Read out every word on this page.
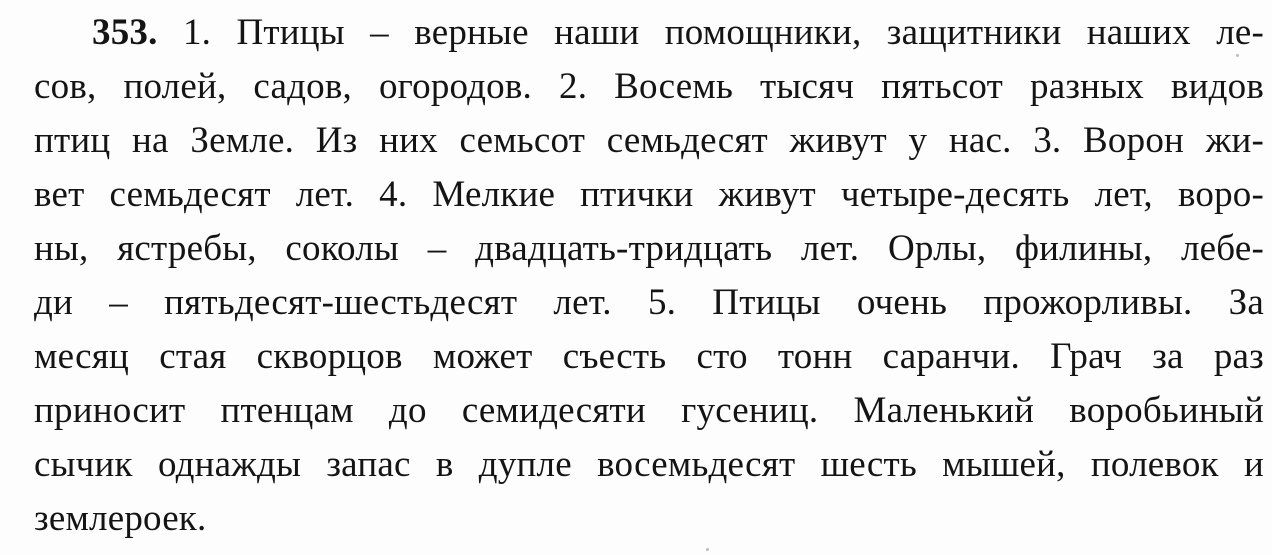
353. 1. Птицы – верные наши помощники, защитники наших ле-
сов, полей, садов, огородов. 2. Восемь тысяч пятьсот разных видов
птиц на Земле. Из них семьсот семьдесят живут у нас. 3. Ворон жи-
вет семьдесят лет. 4. Мелкие птички живут четыре-десять лет, воро-
ны, ястребы, соколы – двадцать-тридцать лет. Орлы, филины, лебе-
ди – пятьдесят-шестьдесят лет. 5. Птицы очень прожорливы. За
месяц стая скворцов может съесть сто тонн саранчи. Грач за раз
приносит птенцам до семидесяти гусениц. Маленький воробьиный
сычик однажды запас в дупле восемьдесят шесть мышей, полевок и
землероек.
